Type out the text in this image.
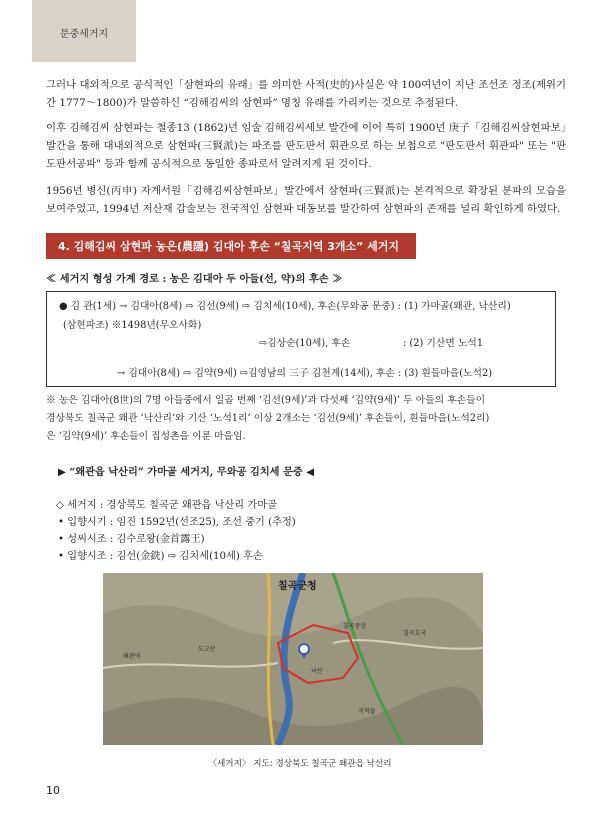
문중세거지

그러나 대외적으로 공식적인「삼현파의 유래」를 의미한 사적(史的)사실은 약 100여년이 지난 조선조 정조(제위기간 1777～1800)가 말씀하신 “김해김씨의 삼현파” 명칭 유래를 가리키는 것으로 추정된다.

이후 김해김씨 삼현파는 철종13 (1862)년 임술 김해김씨세보 발간에 이어 특히 1900년 庚子「김해김씨삼현파보」발간을 통해 대내외적으로 삼현파(三賢派)는 파조를 판도판서 휘관으로 하는 보첩으로 "판도판서 휘관파" 또는 "판도판서공파" 등과 함께 공식적으로 동일한 종파로서 알려지게 된 것이다.

1956년 병신(丙申) 자계서원「김해김씨삼현파보」발간에서 삼현파(三賢派)는 본격적으로 확장된 분파의 모습을 보여주었고, 1994년 저산재 갑술보는 전국적인 삼현파 대동보를 발간하여 삼현파의 존재를 널리 확인하게 하였다.

4. 김해김씨 삼현파 농은(農隱) 김대아 후손 “칠곡지역 3개소” 세거지

≪ 세거지 형성 가계 경로 : 농은 김대아 두 아들(선, 약)의 후손 ≫

● 김 관(1세) → 김대아(8세) ⇨ 김선(9세) ⇨ 김치세(10세), 후손(무와공 문중) : (1) 가마골(왜관, 낙산리)

(삼현파조) ※1498년(무오사화)

⇨김상순(10세), 후손	: (2) 기산면 노석1

→ 김대아(8세) ⇨ 김약(9세) ⇨김영남의 三子 김천계(14세), 후손 : (3) 흰들마을(노석2)

※ 농은 김대아(8世)의 7명 아들중에서 일곱 번째 ‘김선(9세)’과 다섯째 ‘김약(9세)’ 두 아들의 후손들이

경상북도 칠곡군 왜관 ‘낙산리’와 기산 ‘노석1리’ 이상 2개소는 ‘김선(9세)’ 후손들이, 흰들마을(노석2리)

은 ‘김약(9세)’ 후손들이 집성촌을 이룬 마을임.

▶ “왜관읍 낙산리” 가마골 세거지, 무와공 김치세 문중 ◀

◇ 세거지 : 경상북도 칠곡군 왜관읍 낙산리 가마골

• 입향시기 : 임진 1592년(선조25), 조선 중기 (추정)

• 성씨시조 : 김수로왕(金首露王)

• 입향시조 : 김선(金銑) ⇨ 김치세(10세) 후손

칠곡군청
칠곡중앙
도고산
왜관역
낙산
칠곡호국
석적읍
〈세거지〉 지도: 경상북도 칠곡군 왜관읍 낙산리
10
